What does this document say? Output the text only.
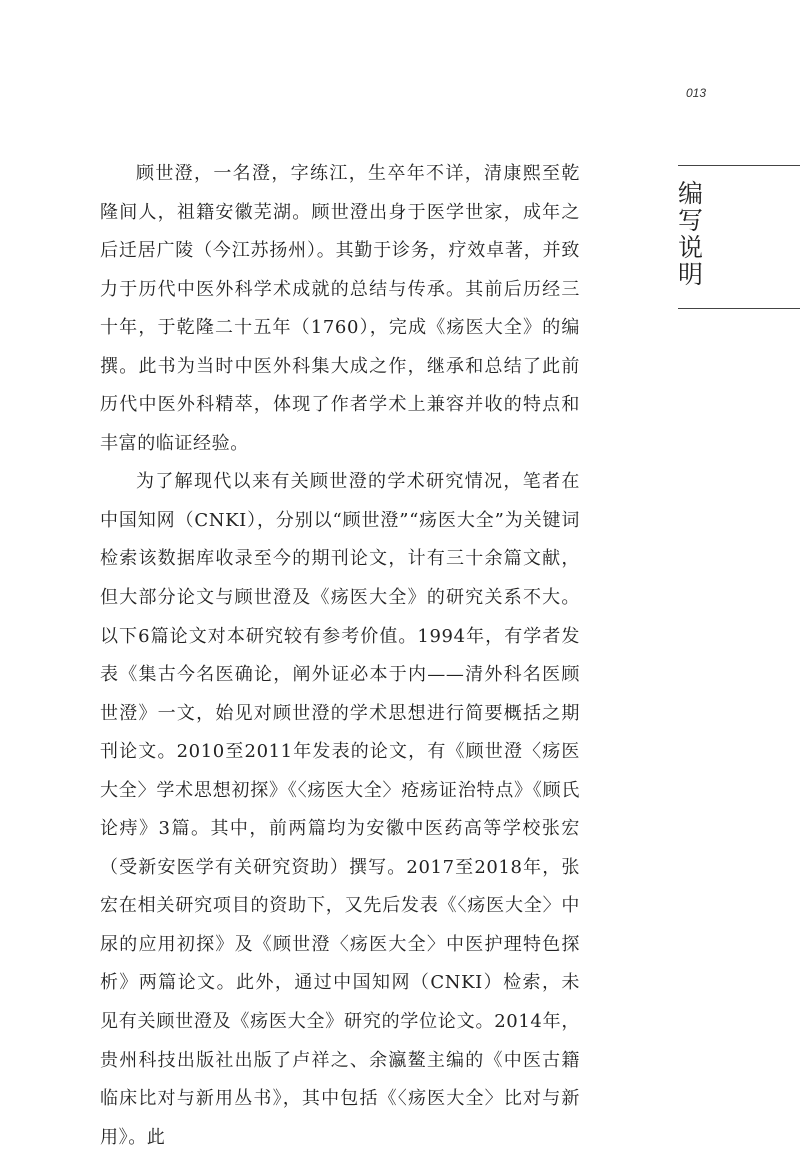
013
编写说明

顾世澄，一名澄，字练江，生卒年不详，清康熙至乾隆间人，祖籍安徽芜湖。顾世澄出身于医学世家，成年之后迁居广陵（今江苏扬州）。其勤于诊务，疗效卓著，并致力于历代中医外科学术成就的总结与传承。其前后历经三十年，于乾隆二十五年（1760），完成《疡医大全》的编撰。此书为当时中医外科集大成之作，继承和总结了此前历代中医外科精萃，体现了作者学术上兼容并收的特点和丰富的临证经验。

为了解现代以来有关顾世澄的学术研究情况，笔者在中国知网（CNKI），分别以“顾世澄”“疡医大全”为关键词检索该数据库收录至今的期刊论文，计有三十余篇文献，但大部分论文与顾世澄及《疡医大全》的研究关系不大。以下6篇论文对本研究较有参考价值。1994年，有学者发表《集古今名医确论，阐外证必本于内——清外科名医顾世澄》一文，始见对顾世澄的学术思想进行简要概括之期刊论文。2010至2011年发表的论文，有《顾世澄〈疡医大全〉学术思想初探》《〈疡医大全〉疮疡证治特点》《顾氏论痔》3篇。其中，前两篇均为安徽中医药高等学校张宏（受新安医学有关研究资助）撰写。2017至2018年，张宏在相关研究项目的资助下，又先后发表《〈疡医大全〉中尿的应用初探》及《顾世澄〈疡医大全〉中医护理特色探析》两篇论文。此外，通过中国知网（CNKI）检索，未见有关顾世澄及《疡医大全》研究的学位论文。2014年，贵州科技出版社出版了卢祥之、余瀛鳌主编的《中医古籍临床比对与新用丛书》，其中包括《〈疡医大全〉比对与新用》。此
